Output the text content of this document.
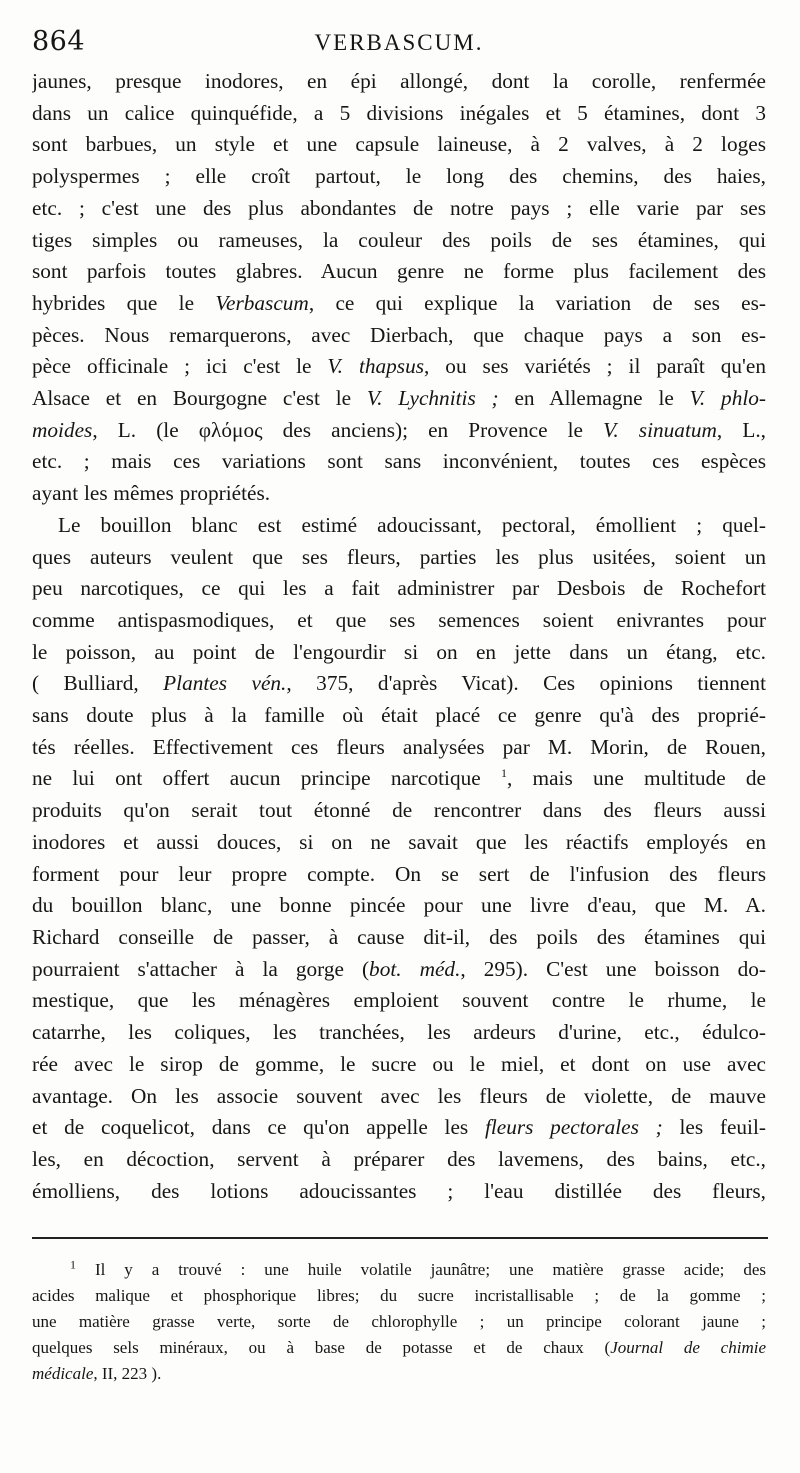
864	VERBASCUM.

jaunes, presque inodores, en épi allongé, dont la corolle, renfermée
dans un calice quinquéfide, a 5 divisions inégales et 5 étamines, dont 3
sont barbues, un style et une capsule laineuse, à 2 valves, à 2 loges
polyspermes ; elle croît partout, le long des chemins, des haies,
etc. ; c'est une des plus abondantes de notre pays ; elle varie par ses
tiges simples ou rameuses, la couleur des poils de ses étamines, qui
sont parfois toutes glabres. Aucun genre ne forme plus facilement des
hybrides que le Verbascum, ce qui explique la variation de ses es-
pèces. Nous remarquerons, avec Dierbach, que chaque pays a son es-
pèce officinale ; ici c'est le V. thapsus, ou ses variétés ; il paraît qu'en
Alsace et en Bourgogne c'est le V. Lychnitis ; en Allemagne le V. phlo-
moides, L. (le φλόμος des anciens); en Provence le V. sinuatum, L.,
etc. ; mais ces variations sont sans inconvénient, toutes ces espèces
ayant les mêmes propriétés.

Le bouillon blanc est estimé adoucissant, pectoral, émollient ; quel-
ques auteurs veulent que ses fleurs, parties les plus usitées, soient un
peu narcotiques, ce qui les a fait administrer par Desbois de Rochefort
comme antispasmodiques, et que ses semences soient enivrantes pour
le poisson, au point de l'engourdir si on en jette dans un étang, etc.
( Bulliard, Plantes vén., 375, d'après Vicat). Ces opinions tiennent
sans doute plus à la famille où était placé ce genre qu'à des proprié-
tés réelles. Effectivement ces fleurs analysées par M. Morin, de Rouen,
ne lui ont offert aucun principe narcotique $^1$, mais une multitude de
produits qu'on serait tout étonné de rencontrer dans des fleurs aussi
inodores et aussi douces, si on ne savait que les réactifs employés en
forment pour leur propre compte. On se sert de l'infusion des fleurs
du bouillon blanc, une bonne pincée pour une livre d'eau, que M. A.
Richard conseille de passer, à cause dit-il, des poils des étamines qui
pourraient s'attacher à la gorge (bot. méd., 295). C'est une boisson do-
mestique, que les ménagères emploient souvent contre le rhume, le
catarrhe, les coliques, les tranchées, les ardeurs d'urine, etc., édulco-
rée avec le sirop de gomme, le sucre ou le miel, et dont on use avec
avantage. On les associe souvent avec les fleurs de violette, de mauve
et de coquelicot, dans ce qu'on appelle les fleurs pectorales ; les feuil-
les, en décoction, servent à préparer des lavemens, des bains, etc.,
émolliens, des lotions adoucissantes ; l'eau distillée des fleurs,

$^1$ Il y a trouvé : une huile volatile jaunâtre; une matière grasse acide; des
acides malique et phosphorique libres; du sucre incristallisable ; de la gomme ;
une matière grasse verte, sorte de chlorophylle ; un principe colorant jaune ;
quelques sels minéraux, ou à base de potasse et de chaux (Journal de chimie
médicale, II, 223 ).
